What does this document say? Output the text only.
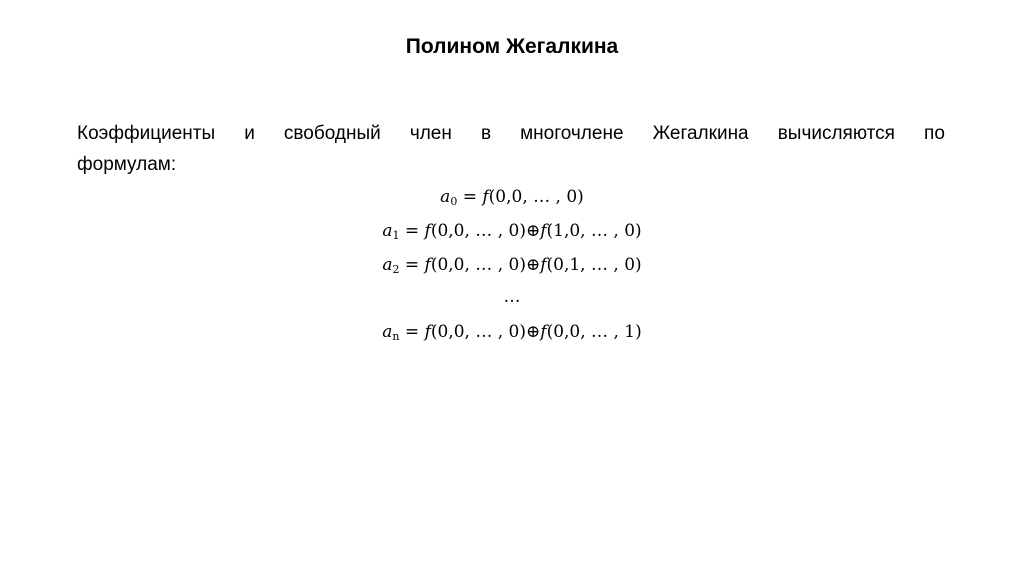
Полином Жегалкина
Коэффициенты и свободный член в многочлене Жегалкина вычисляются по
формулам:
$a_0 = f(0,0$, … , 0)
$a_1 = f(0,0$, … , 0)⊕f(1,0, … , 0)
$a_2 = f(0,0$, … , 0)⊕f(0,1, … , 0)
…
$a_n = f(0,0$, … , 0)⊕f(0,0, … , 1)
